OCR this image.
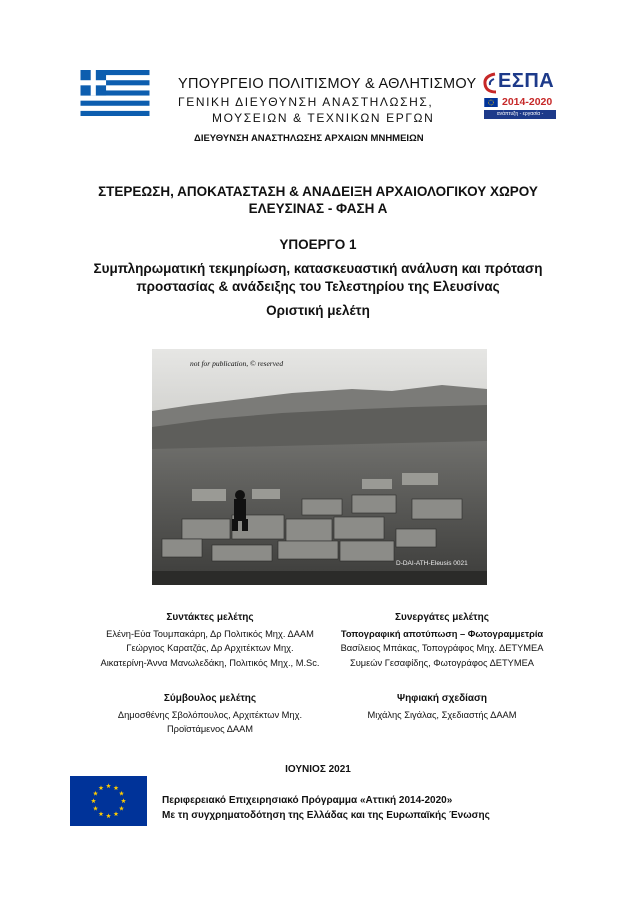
ΥΠΟΥΡΓΕΙΟ ΠΟΛΙΤΙΣΜΟΥ & ΑΘΛΗΤΙΣΜΟΥ
ΓΕΝΙΚΗ ΔΙΕΥΘΥΝΣΗ ΑΝΑΣΤΗΛΩΣΗΣ,
ΜΟΥΣΕΙΩΝ & ΤΕΧΝΙΚΩΝ ΕΡΓΩΝ
ΔΙΕΥΘΥΝΣΗ ΑΝΑΣΤΗΛΩΣΗΣ ΑΡΧΑΙΩΝ ΜΝΗΜΕΙΩΝ
ΕΣΠΑ
2014-2020
ανάπτυξη - εργασία - αλληλεγγύη
ΣΤΕΡΕΩΣΗ, ΑΠΟΚΑΤΑΣΤΑΣΗ & ΑΝΑΔΕΙΞΗ ΑΡΧΑΙΟΛΟΓΙΚΟΥ ΧΩΡΟΥ
ΕΛΕΥΣΙΝΑΣ - ΦΑΣΗ Α
ΥΠΟΕΡΓΟ 1
Συμπληρωματική τεκμηρίωση, κατασκευαστική ανάλυση και πρόταση
προστασίας & ανάδειξης του Τελεστηρίου της Ελευσίνας
Οριστική μελέτη
not for publication, © reserved
D-DAI-ATH-Eleusis 0021
Συντάκτες μελέτης
Ελένη-Εύα Τουμπακάρη, Δρ Πολιτικός Μηχ. ΔΑΑΜ
Γεώργιος Καρατζάς, Δρ Αρχιτέκτων Μηχ.
Αικατερίνη-Άννα Μανωλεδάκη, Πολιτικός Μηχ., M.Sc.
Συνεργάτες μελέτης
Τοπογραφική αποτύπωση – Φωτογραμμετρία
Βασίλειος Μπάκας, Τοπογράφος Μηχ. ΔΕΤΥΜΕΑ
Συμεών Γεσαφίδης, Φωτογράφος ΔΕΤΥΜΕΑ
Σύμβουλος μελέτης
Δημοσθένης Σβολόπουλος, Αρχιτέκτων Μηχ.
Προϊστάμενος ΔΑΑΜ
Ψηφιακή σχεδίαση
Μιχάλης Σιγάλας, Σχεδιαστής ΔΑΑΜ
ΙΟΥΝΙΟΣ 2021
Περιφερειακό Επιχειρησιακό Πρόγραμμα «Αττική 2014-2020»
Με τη συγχρηματοδότηση της Ελλάδας και της Ευρωπαϊκής Ένωσης
